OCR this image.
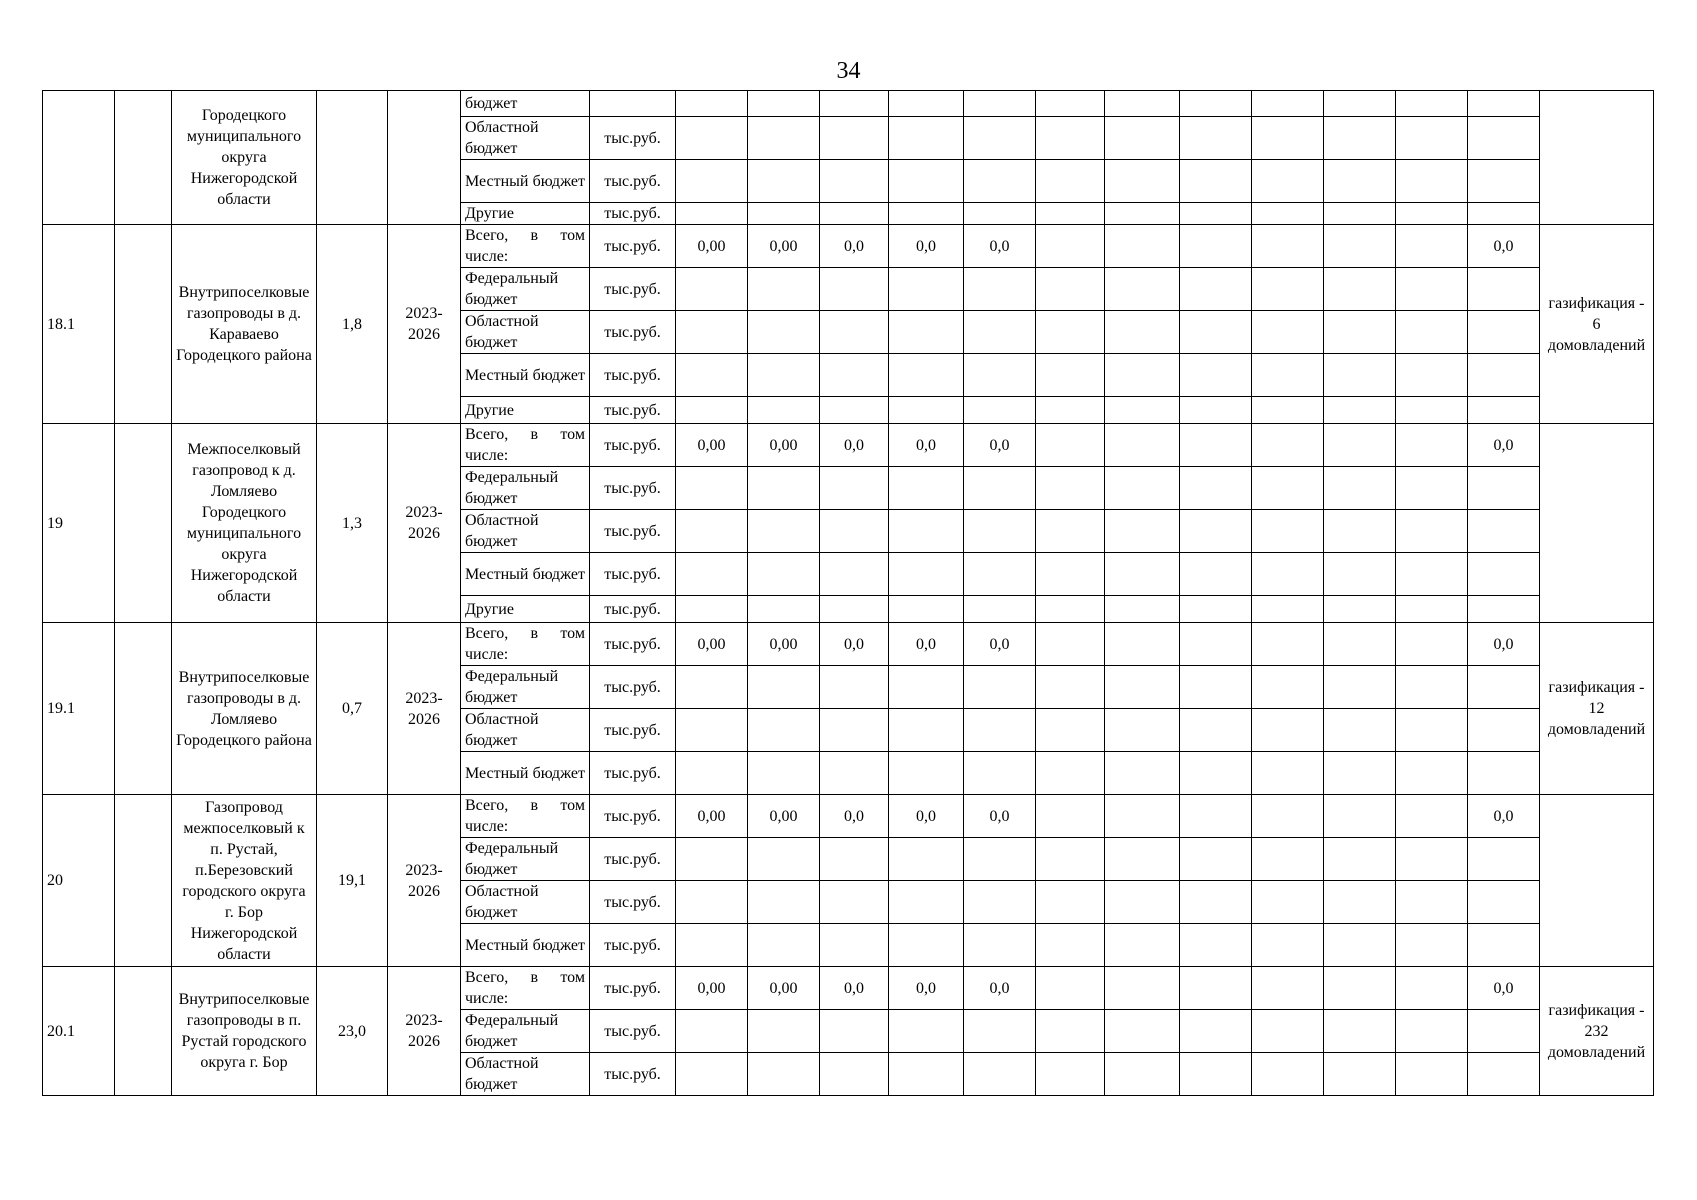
34
		Городецкого муниципального округа Нижегородской области			бюджет														
					Областной бюджет	тыс.руб.													
					Местный бюджет	тыс.руб.													
					Другие	тыс.руб.													
18.1		Внутрипоселковые газопроводы в д. Караваево Городецкого района	1,8	2023-2026	Всего, в том числе:	тыс.руб.	0,00	0,00	0,0	0,0	0,0							0,0	газификация - 6 домовладений
					Федеральный бюджет	тыс.руб.													
					Областной бюджет	тыс.руб.													
					Местный бюджет	тыс.руб.													
					Другие	тыс.руб.													
19		Межпоселковый газопровод к д. Ломляево Городецкого муниципального округа Нижегородской области	1,3	2023-2026	Всего, в том числе:	тыс.руб.	0,00	0,00	0,0	0,0	0,0							0,0	
					Федеральный бюджет	тыс.руб.													
					Областной бюджет	тыс.руб.													
					Местный бюджет	тыс.руб.													
					Другие	тыс.руб.													
19.1		Внутрипоселковые газопроводы в д. Ломляево Городецкого района	0,7	2023-2026	Всего, в том числе:	тыс.руб.	0,00	0,00	0,0	0,0	0,0							0,0	газификация - 12 домовладений
					Федеральный бюджет	тыс.руб.													
					Областной бюджет	тыс.руб.													
					Местный бюджет	тыс.руб.													
20		Газопровод межпоселковый к п. Рустай, п.Березовский городского округа г. Бор Нижегородской области	19,1	2023-2026	Всего, в том числе:	тыс.руб.	0,00	0,00	0,0	0,0	0,0							0,0	
					Федеральный бюджет	тыс.руб.													
					Областной бюджет	тыс.руб.													
					Местный бюджет	тыс.руб.													
20.1		Внутрипоселковые газопроводы в п. Рустай городского округа г. Бор	23,0	2023-2026	Всего, в том числе:	тыс.руб.	0,00	0,00	0,0	0,0	0,0							0,0	газификация - 232 домовладений
					Федеральный бюджет	тыс.руб.													
					Областной бюджет	тыс.руб.													
